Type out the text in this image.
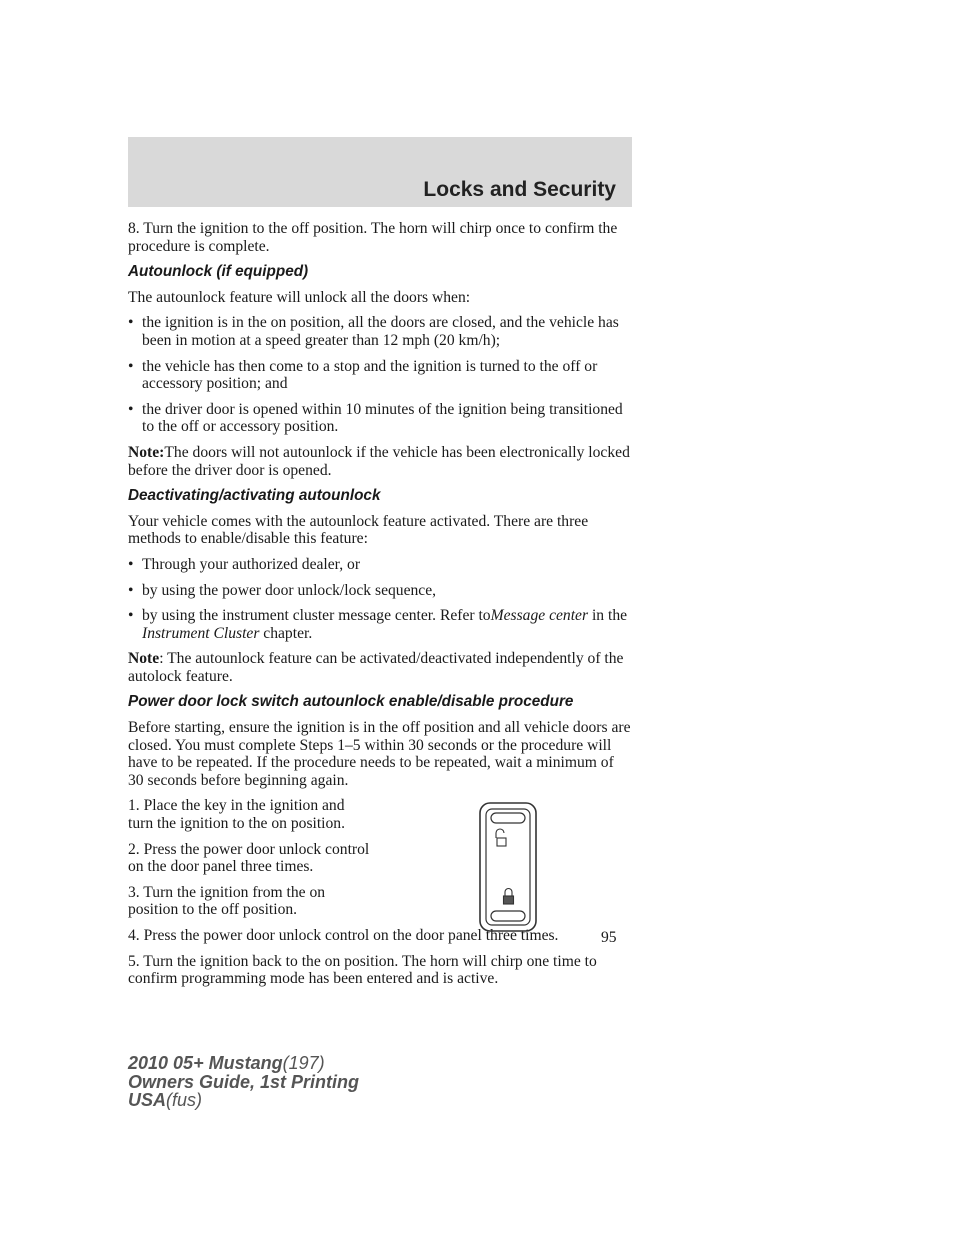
Locks and Security

8. Turn the ignition to the off position. The horn will chirp once to confirm the procedure is complete.

Autounlock (if equipped)

The autounlock feature will unlock all the doors when:

• the ignition is in the on position, all the doors are closed, and the vehicle has been in motion at a speed greater than 12 mph (20 km/h);
• the vehicle has then come to a stop and the ignition is turned to the off or accessory position; and
• the driver door is opened within 10 minutes of the ignition being transitioned to the off or accessory position.

Note:The doors will not autounlock if the vehicle has been electronically locked before the driver door is opened.

Deactivating/activating autounlock

Your vehicle comes with the autounlock feature activated. There are three methods to enable/disable this feature:

• Through your authorized dealer, or
• by using the power door unlock/lock sequence,
• by using the instrument cluster message center. Refer toMessage center in the Instrument Cluster chapter.

Note: The autounlock feature can be activated/deactivated independently of the autolock feature.

Power door lock switch autounlock enable/disable procedure

Before starting, ensure the ignition is in the off position and all vehicle doors are closed. You must complete Steps 1–5 within 30 seconds or the procedure will have to be repeated. If the procedure needs to be repeated, wait a minimum of 30 seconds before beginning again.

1. Place the key in the ignition and turn the ignition to the on position.

2. Press the power door unlock control on the door panel three times.

3. Turn the ignition from the on position to the off position.

4. Press the power door unlock control on the door panel three times.

5. Turn the ignition back to the on position. The horn will chirp one time to confirm programming mode has been entered and is active.

95
2010 05+ Mustang(197)
Owners Guide, 1st Printing
USA(fus)
